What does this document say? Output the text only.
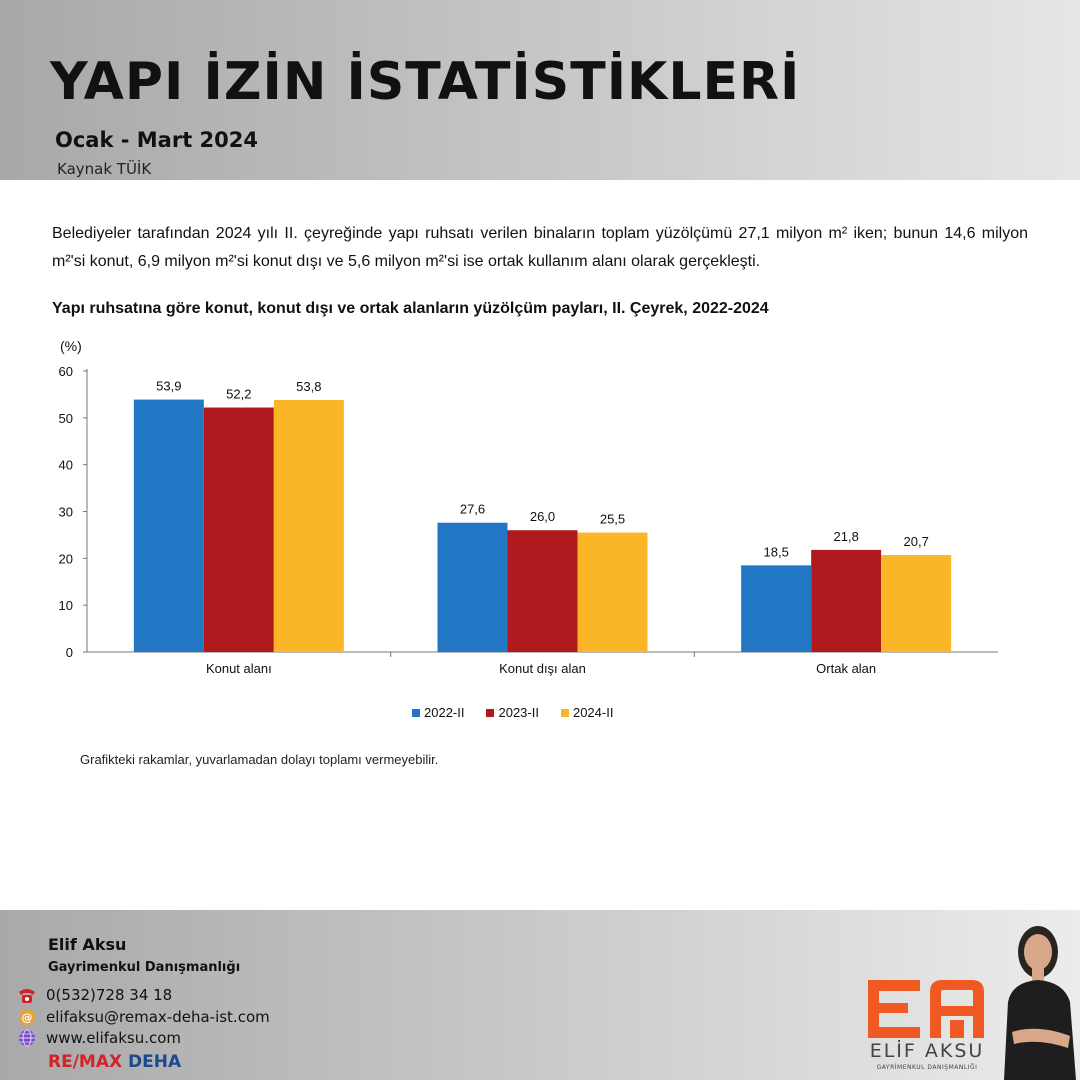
YAPI İZİN İSTATİSTİKLERİ
Ocak - Mart 2024
Kaynak TÜİK

Belediyeler tarafından 2024 yılı II. çeyreğinde yapı ruhsatı verilen binaların toplam yüzölçümü 27,1 milyon m² iken; bunun 14,6 milyon m²'si konut, 6,9 milyon m²'si konut dışı ve 5,6 milyon m²'si ise ortak kullanım alanı olarak gerçekleşti.

Yapı ruhsatına göre konut, konut dışı ve ortak alanların yüzölçüm payları, II. Çeyrek, 2022-2024
(%)
0
10
20
30
40
50
60
53,9
52,2	53,8
Konut alanı
27,6	26,0	25,5
Konut dışı alan
18,5
21,8	20,7
Ortak alan
2022-II	2023-II	2024-II
Grafikteki rakamlar, yuvarlamadan dolayı toplamı vermeyebilir.
Elif Aksu
Gayrimenkul Danışmanlığı
0(532)728 34 18
@ elifaksu@remax-deha-ist.com
www.elifaksu.com
RE/MAX DEHA	ELİF AKSU
GAYRİMENKUL DANIŞMANLIĞI
